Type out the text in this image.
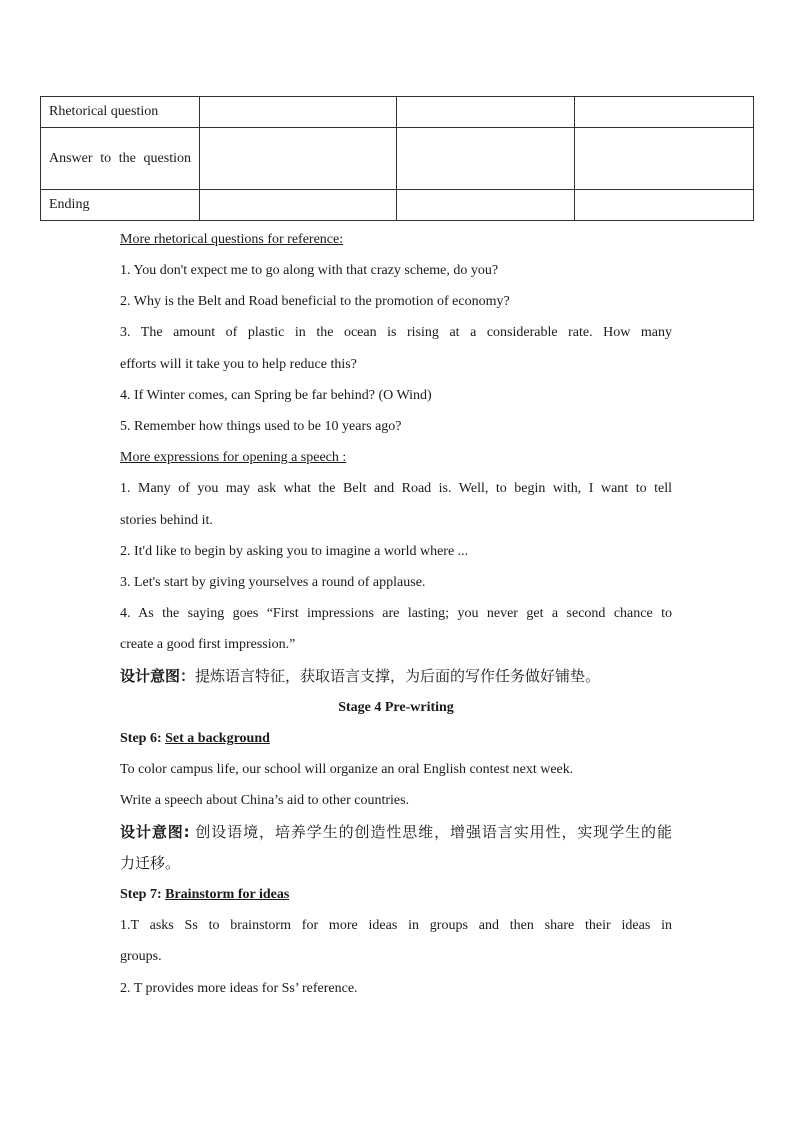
Rhetorical question			
Answer to the question			
Ending			
More rhetorical questions for reference:
1. You don't expect me to go along with that crazy scheme, do you?
2. Why is the Belt and Road beneficial to the promotion of economy?
3. The amount of plastic in the ocean is rising at a considerable rate. How many
efforts will it take you to help reduce this?
4. If Winter comes, can Spring be far behind? (O Wind)
5. Remember how things used to be 10 years ago?
More expressions for opening a speech :
1. Many of you may ask what the Belt and Road is. Well, to begin with, I want to tell
stories behind it.
2. It'd like to begin by asking you to imagine a world where ...
3. Let's start by giving yourselves a round of applause.
4. As the saying goes “First impressions are lasting; you never get a second chance to
create a good first impression.”
设计意图：提炼语言特征，获取语言支撑，为后面的写作任务做好铺垫。
Stage 4 Pre-writing
Step 6: Set a background
To color campus life, our school will organize an oral English contest next week.
Write a speech about China’s aid to other countries.
设计意图: 创设语境，培养学生的创造性思维，增强语言实用性，实现学生的能
力迁移。
Step 7: Brainstorm for ideas
1.T asks Ss to brainstorm for more ideas in groups and then share their ideas in
groups.
2. T provides more ideas for Ss’ reference.
